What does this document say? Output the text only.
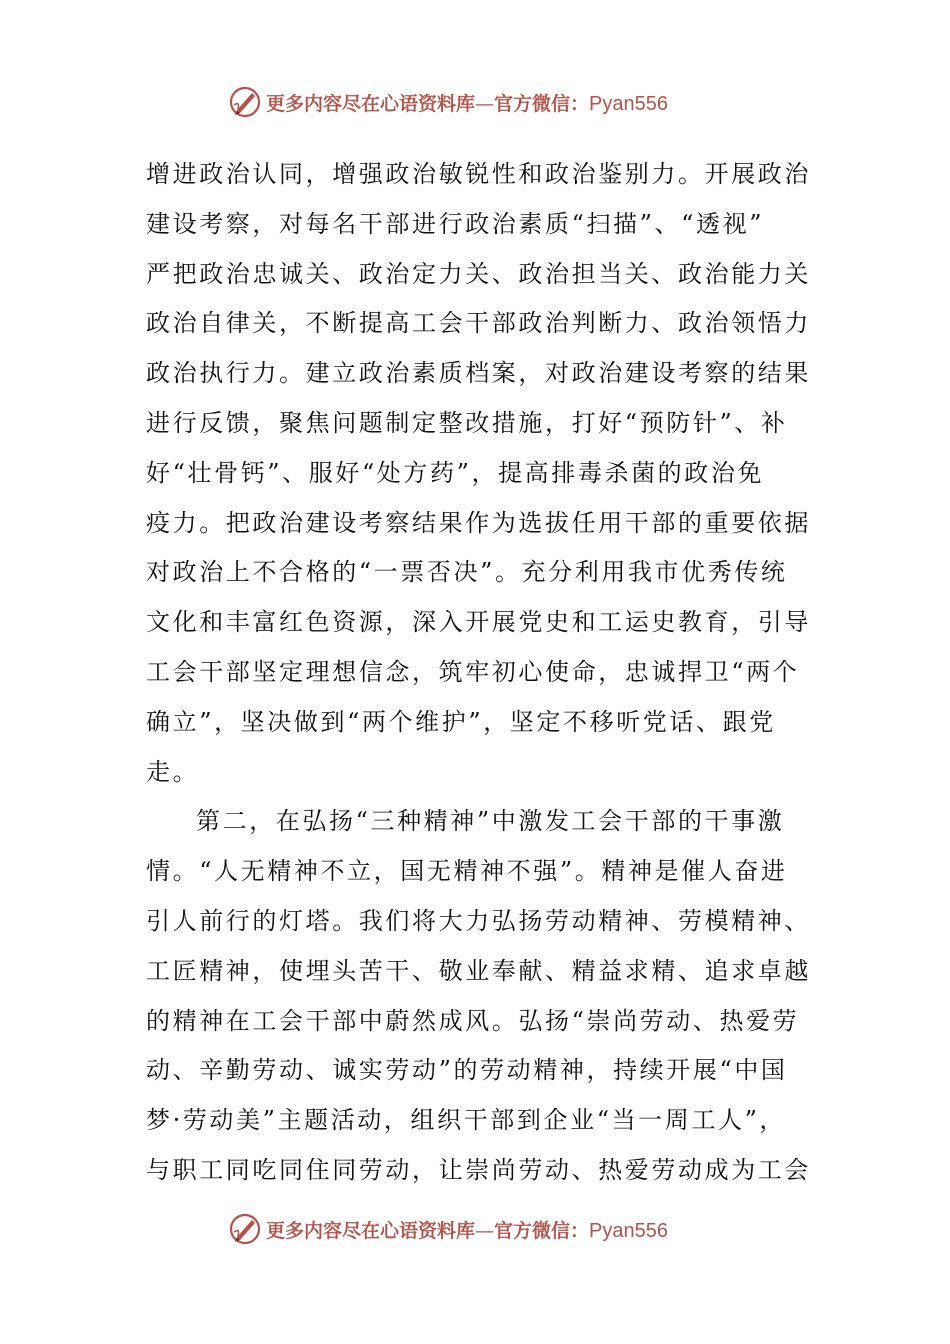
更多内容尽在心语资料库—官方微信：Pyan556
增进政治认同，增强政治敏锐性和政治鉴别力。开展政治
建设考察，对每名干部进行政治素质“扫描”、“透视”
严把政治忠诚关、政治定力关、政治担当关、政治能力关
政治自律关，不断提高工会干部政治判断力、政治领悟力
政治执行力。建立政治素质档案，对政治建设考察的结果
进行反馈，聚焦问题制定整改措施，打好“预防针”、补
好“壮骨钙”、服好“处方药”，提高排毒杀菌的政治免
疫力。把政治建设考察结果作为选拔任用干部的重要依据
对政治上不合格的“一票否决”。充分利用我市优秀传统
文化和丰富红色资源，深入开展党史和工运史教育，引导
工会干部坚定理想信念，筑牢初心使命，忠诚捍卫“两个
确立”，坚决做到“两个维护”，坚定不移听党话、跟党
走。
第二，在弘扬“三种精神”中激发工会干部的干事激
情。“人无精神不立，国无精神不强”。精神是催人奋进
引人前行的灯塔。我们将大力弘扬劳动精神、劳模精神、
工匠精神，使埋头苦干、敬业奉献、精益求精、追求卓越
的精神在工会干部中蔚然成风。弘扬“崇尚劳动、热爱劳
动、辛勤劳动、诚实劳动”的劳动精神，持续开展“中国
梦·劳动美”主题活动，组织干部到企业“当一周工人”，
与职工同吃同住同劳动，让崇尚劳动、热爱劳动成为工会
更多内容尽在心语资料库—官方微信：Pyan556
